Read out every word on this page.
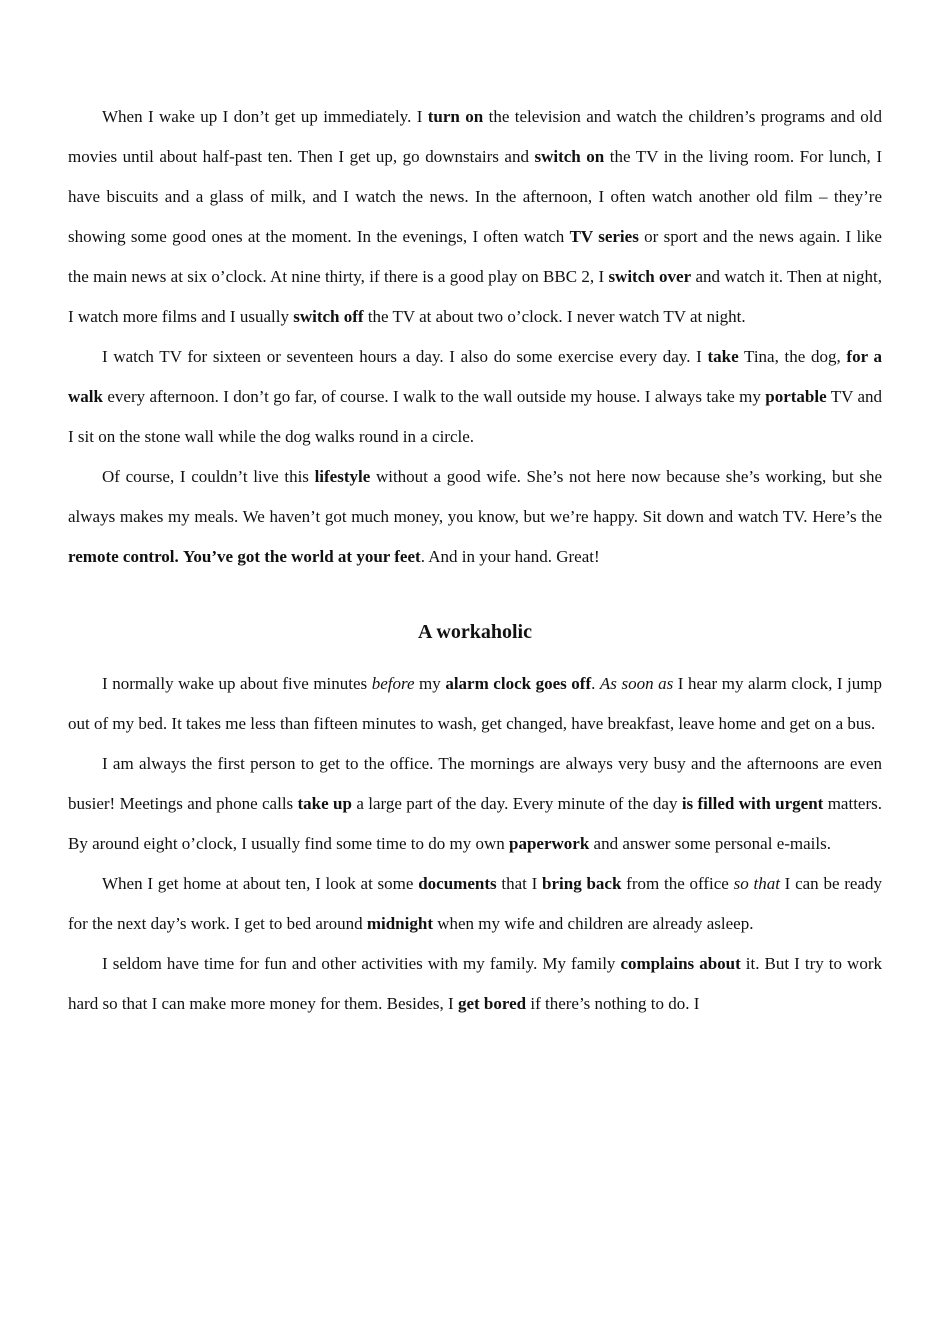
When I wake up I don’t get up immediately. I turn on the television and watch the children’s programs and old movies until about half-past ten. Then I get up, go downstairs and switch on the TV in the living room. For lunch, I have biscuits and a glass of milk, and I watch the news. In the afternoon, I often watch another old film – they’re showing some good ones at the moment. In the evenings, I often watch TV series or sport and the news again. I like the main news at six o’clock. At nine thirty, if there is a good play on BBC 2, I switch over and watch it. Then at night, I watch more films and I usually switch off the TV at about two o’clock. I never watch TV at night.

I watch TV for sixteen or seventeen hours a day. I also do some exercise every day. I take Tina, the dog, for a walk every afternoon. I don’t go far, of course. I walk to the wall outside my house. I always take my portable TV and I sit on the stone wall while the dog walks round in a circle.

Of course, I couldn’t live this lifestyle without a good wife. She’s not here now because she’s working, but she always makes my meals. We haven’t got much money, you know, but we’re happy. Sit down and watch TV. Here’s the remote control. You’ve got the world at your feet. And in your hand. Great!

A workaholic

I normally wake up about five minutes before my alarm clock goes off. As soon as I hear my alarm clock, I jump out of my bed. It takes me less than fifteen minutes to wash, get changed, have breakfast, leave home and get on a bus.

I am always the first person to get to the office. The mornings are always very busy and the afternoons are even busier! Meetings and phone calls take up a large part of the day. Every minute of the day is filled with urgent matters. By around eight o’clock, I usually find some time to do my own paperwork and answer some personal e-mails.

When I get home at about ten, I look at some documents that I bring back from the office so that I can be ready for the next day’s work. I get to bed around midnight when my wife and children are already asleep.

I seldom have time for fun and other activities with my family. My family complains about it. But I try to work hard so that I can make more money for them. Besides, I get bored if there’s nothing to do. I
